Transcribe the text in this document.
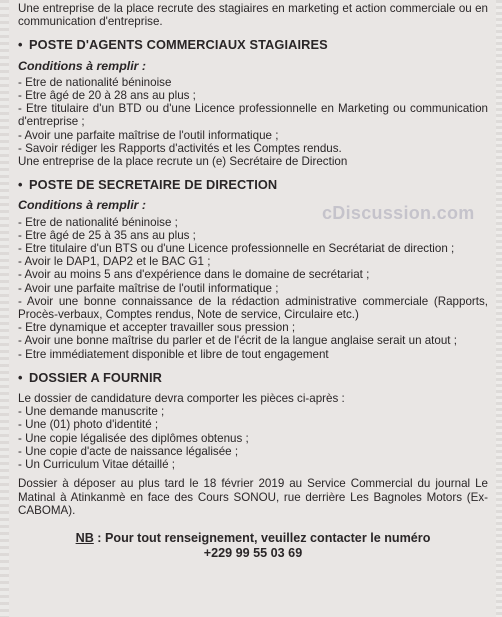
cDiscussion.com

Une entreprise de la place recrute des stagiaires en marketing et action commerciale ou en communication d'entreprise.

• POSTE D'AGENTS COMMERCIAUX STAGIAIRES
Conditions à remplir :
- Etre de nationalité béninoise
- Etre âgé de 20 à 28 ans au plus ;
- Etre titulaire d'un BTD ou d'une Licence professionnelle en Marketing ou communication d'entreprise ;
- Avoir une parfaite maîtrise de l'outil informatique ;
- Savoir rédiger les Rapports d'activités et les Comptes rendus.

Une entreprise de la place recrute un (e) Secrétaire de Direction

• POSTE DE SECRETAIRE DE DIRECTION
Conditions à remplir :
- Etre de nationalité béninoise ;
- Etre âgé de 25 à 35 ans au plus ;
- Etre titulaire d'un BTS ou d'une Licence professionnelle en Secrétariat de direction ;
- Avoir le DAP1, DAP2 et le BAC G1 ;
- Avoir au moins 5 ans d'expérience dans le domaine de secrétariat ;
- Avoir une parfaite maîtrise de l'outil informatique ;
- Avoir une bonne connaissance de la rédaction administrative commerciale (Rapports, Procès-verbaux, Comptes rendus, Note de service, Circulaire etc.)
- Etre dynamique et accepter travailler sous pression ;
- Avoir une bonne maîtrise du parler et de l'écrit de la langue anglaise serait un atout ;
- Etre immédiatement disponible et libre de tout engagement
• DOSSIER A FOURNIR

Le dossier de candidature devra comporter les pièces ci-après :

- Une demande manuscrite ;
- Une (01) photo d'identité ;
- Une copie légalisée des diplômes obtenus ;
- Une copie d'acte de naissance légalisée ;
- Un Curriculum Vitae détaillé ;

Dossier à déposer au plus tard le 18 février 2019 au Service Commercial du journal Le Matinal à Atinkanmè en face des Cours SONOU, rue derrière Les Bagnoles Motors (Ex-CABOMA).

NB : Pour tout renseignement, veuillez contacter le numéro
+229 99 55 03 69
